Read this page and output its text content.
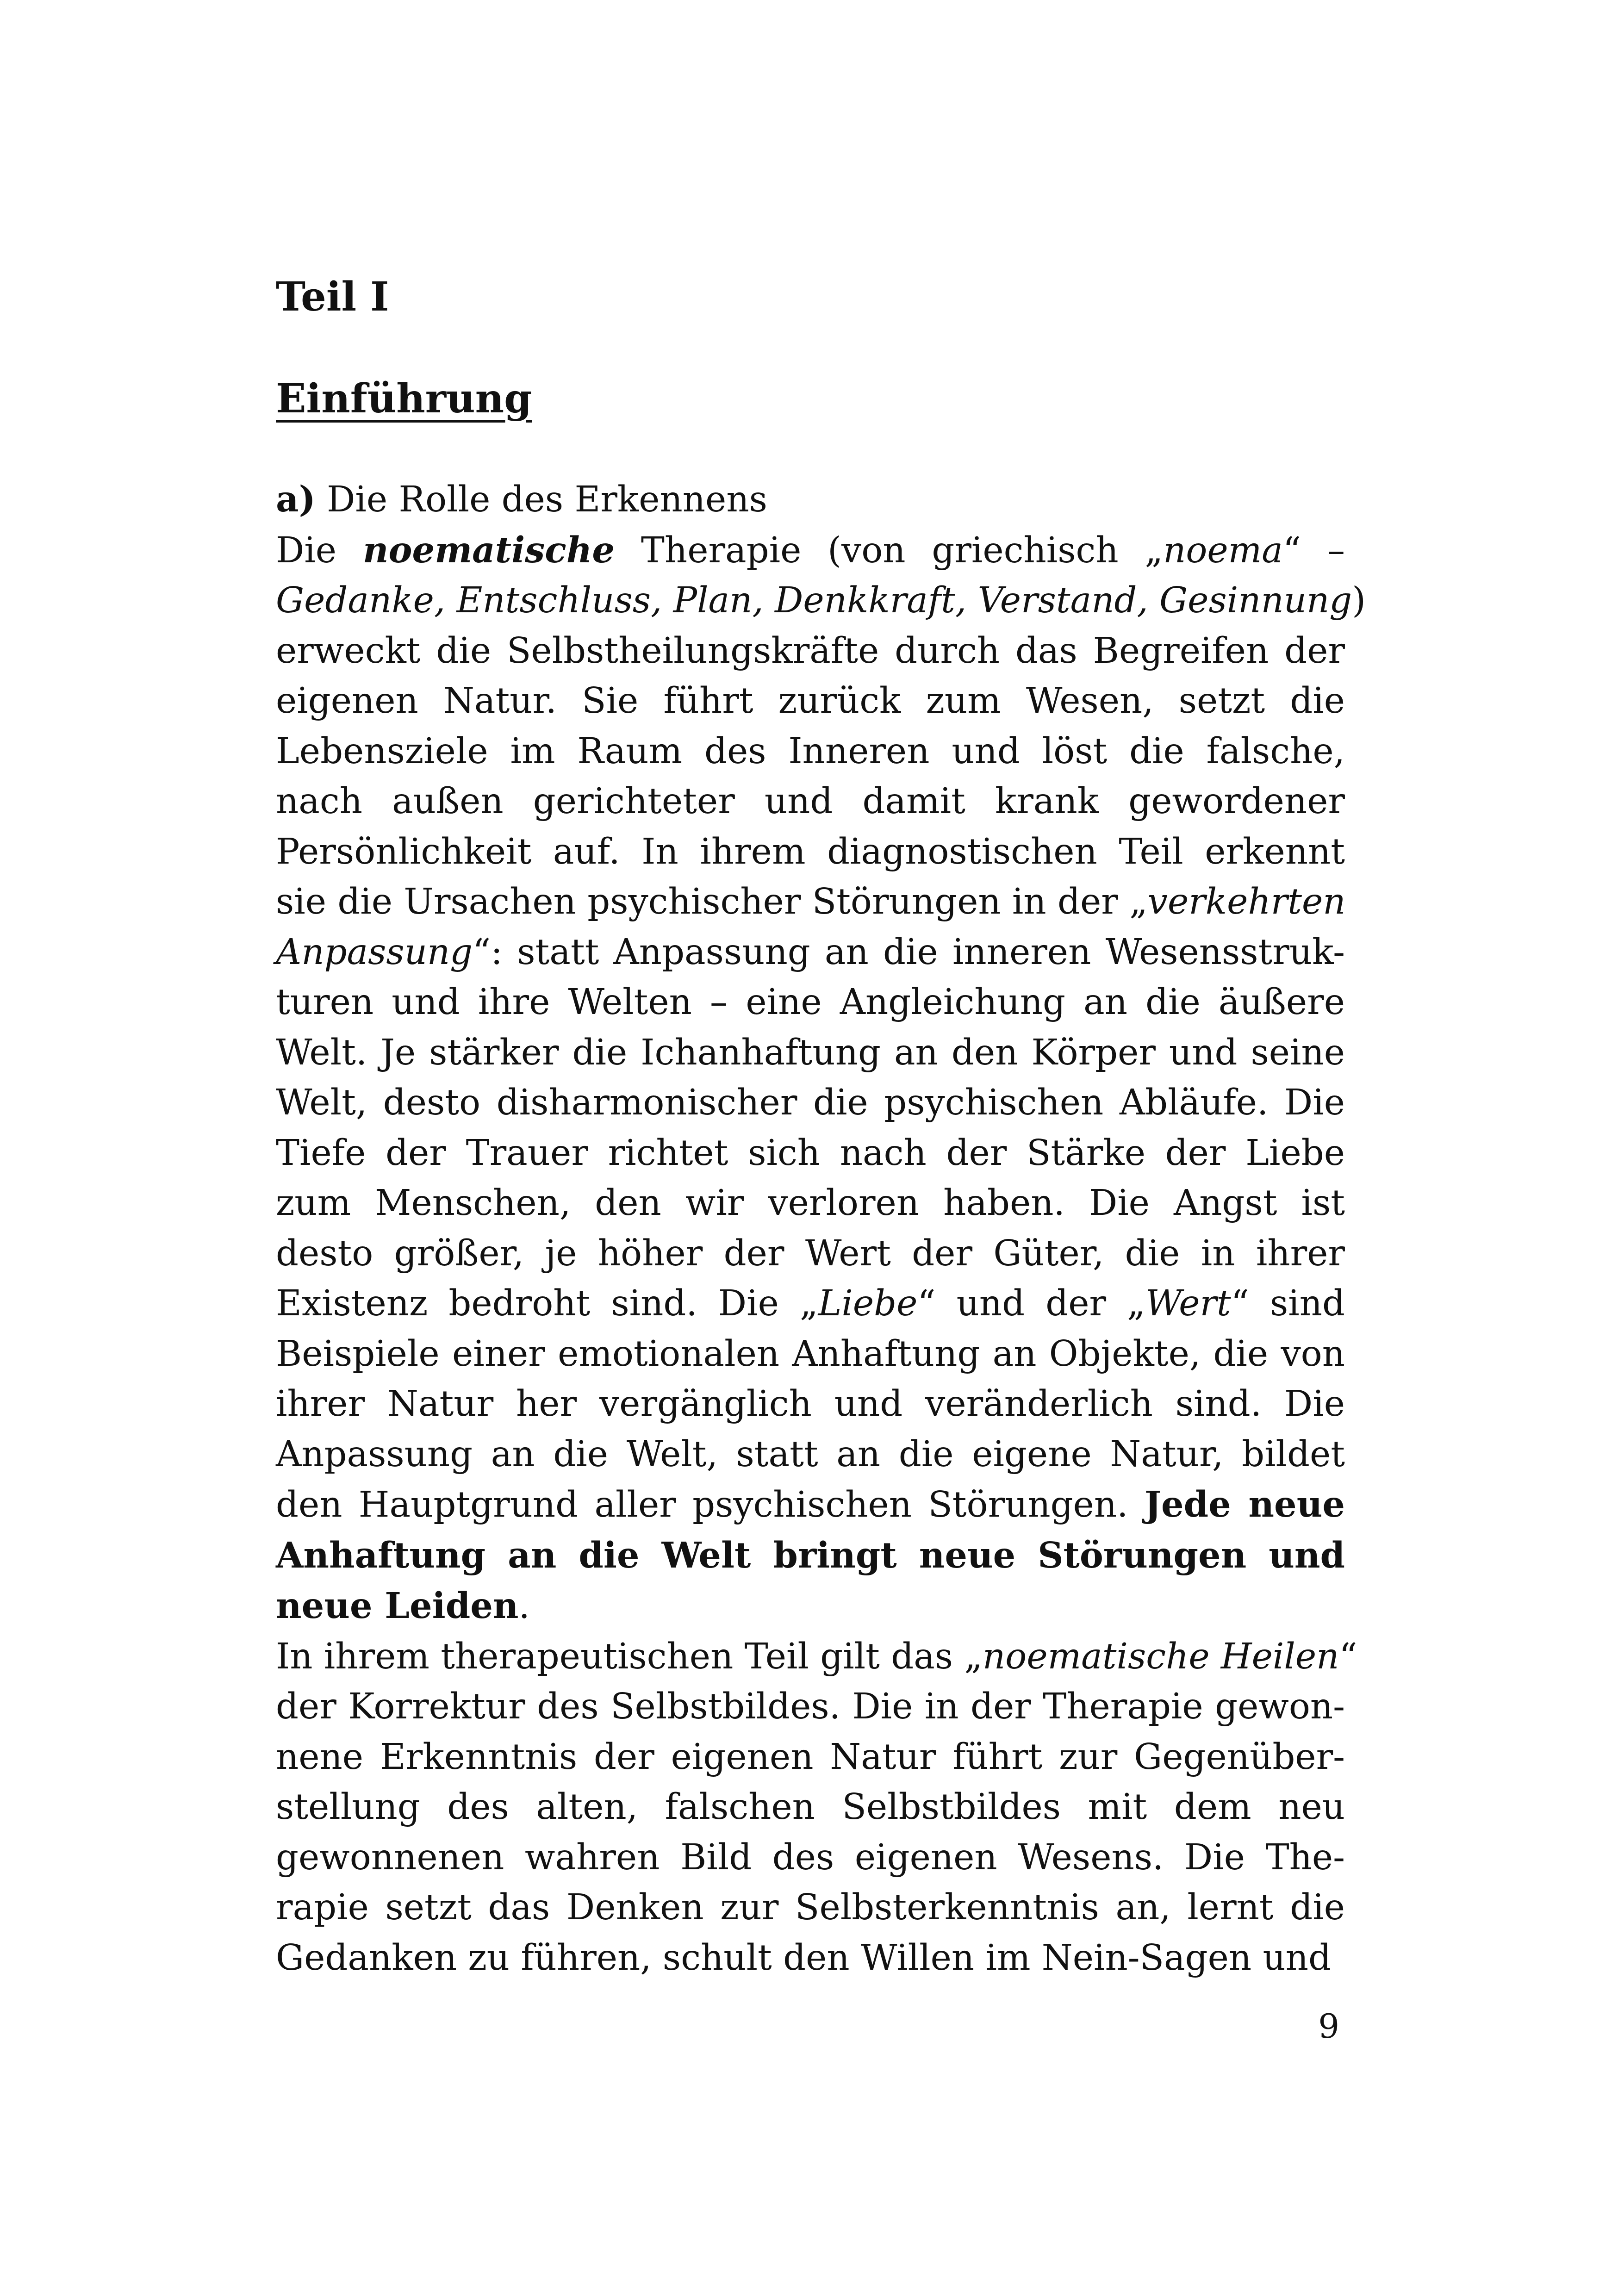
Teil I
Einführung
a) Die Rolle des Erkennens
Die noematische Therapie (von griechisch „noema“ –
Gedanke, Entschluss, Plan, Denkkraft, Verstand, Gesinnung)
erweckt die Selbstheilungskräfte durch das Begreifen der
eigenen Natur. Sie führt zurück zum Wesen, setzt die
Lebensziele im Raum des Inneren und löst die falsche,
nach außen gerichteter und damit krank gewordener
Persönlichkeit auf. In ihrem diagnostischen Teil erkennt
sie die Ursachen psychischer Störungen in der „verkehrten
Anpassung“: statt Anpassung an die inneren Wesensstruk-
turen und ihre Welten – eine Angleichung an die äußere
Welt. Je stärker die Ichanhaftung an den Körper und seine
Welt, desto disharmonischer die psychischen Abläufe. Die
Tiefe der Trauer richtet sich nach der Stärke der Liebe
zum Menschen, den wir verloren haben. Die Angst ist
desto größer, je höher der Wert der Güter, die in ihrer
Existenz bedroht sind. Die „Liebe“ und der „Wert“ sind
Beispiele einer emotionalen Anhaftung an Objekte, die von
ihrer Natur her vergänglich und veränderlich sind. Die
Anpassung an die Welt, statt an die eigene Natur, bildet
den Hauptgrund aller psychischen Störungen. Jede neue
Anhaftung an die Welt bringt neue Störungen und
neue Leiden.
In ihrem therapeutischen Teil gilt das „noematische Heilen“
der Korrektur des Selbstbildes. Die in der Therapie gewon-
nene Erkenntnis der eigenen Natur führt zur Gegenüber-
stellung des alten, falschen Selbstbildes mit dem neu
gewonnenen wahren Bild des eigenen Wesens. Die The-
rapie setzt das Denken zur Selbsterkenntnis an, lernt die
Gedanken zu führen, schult den Willen im Nein-Sagen und
9
